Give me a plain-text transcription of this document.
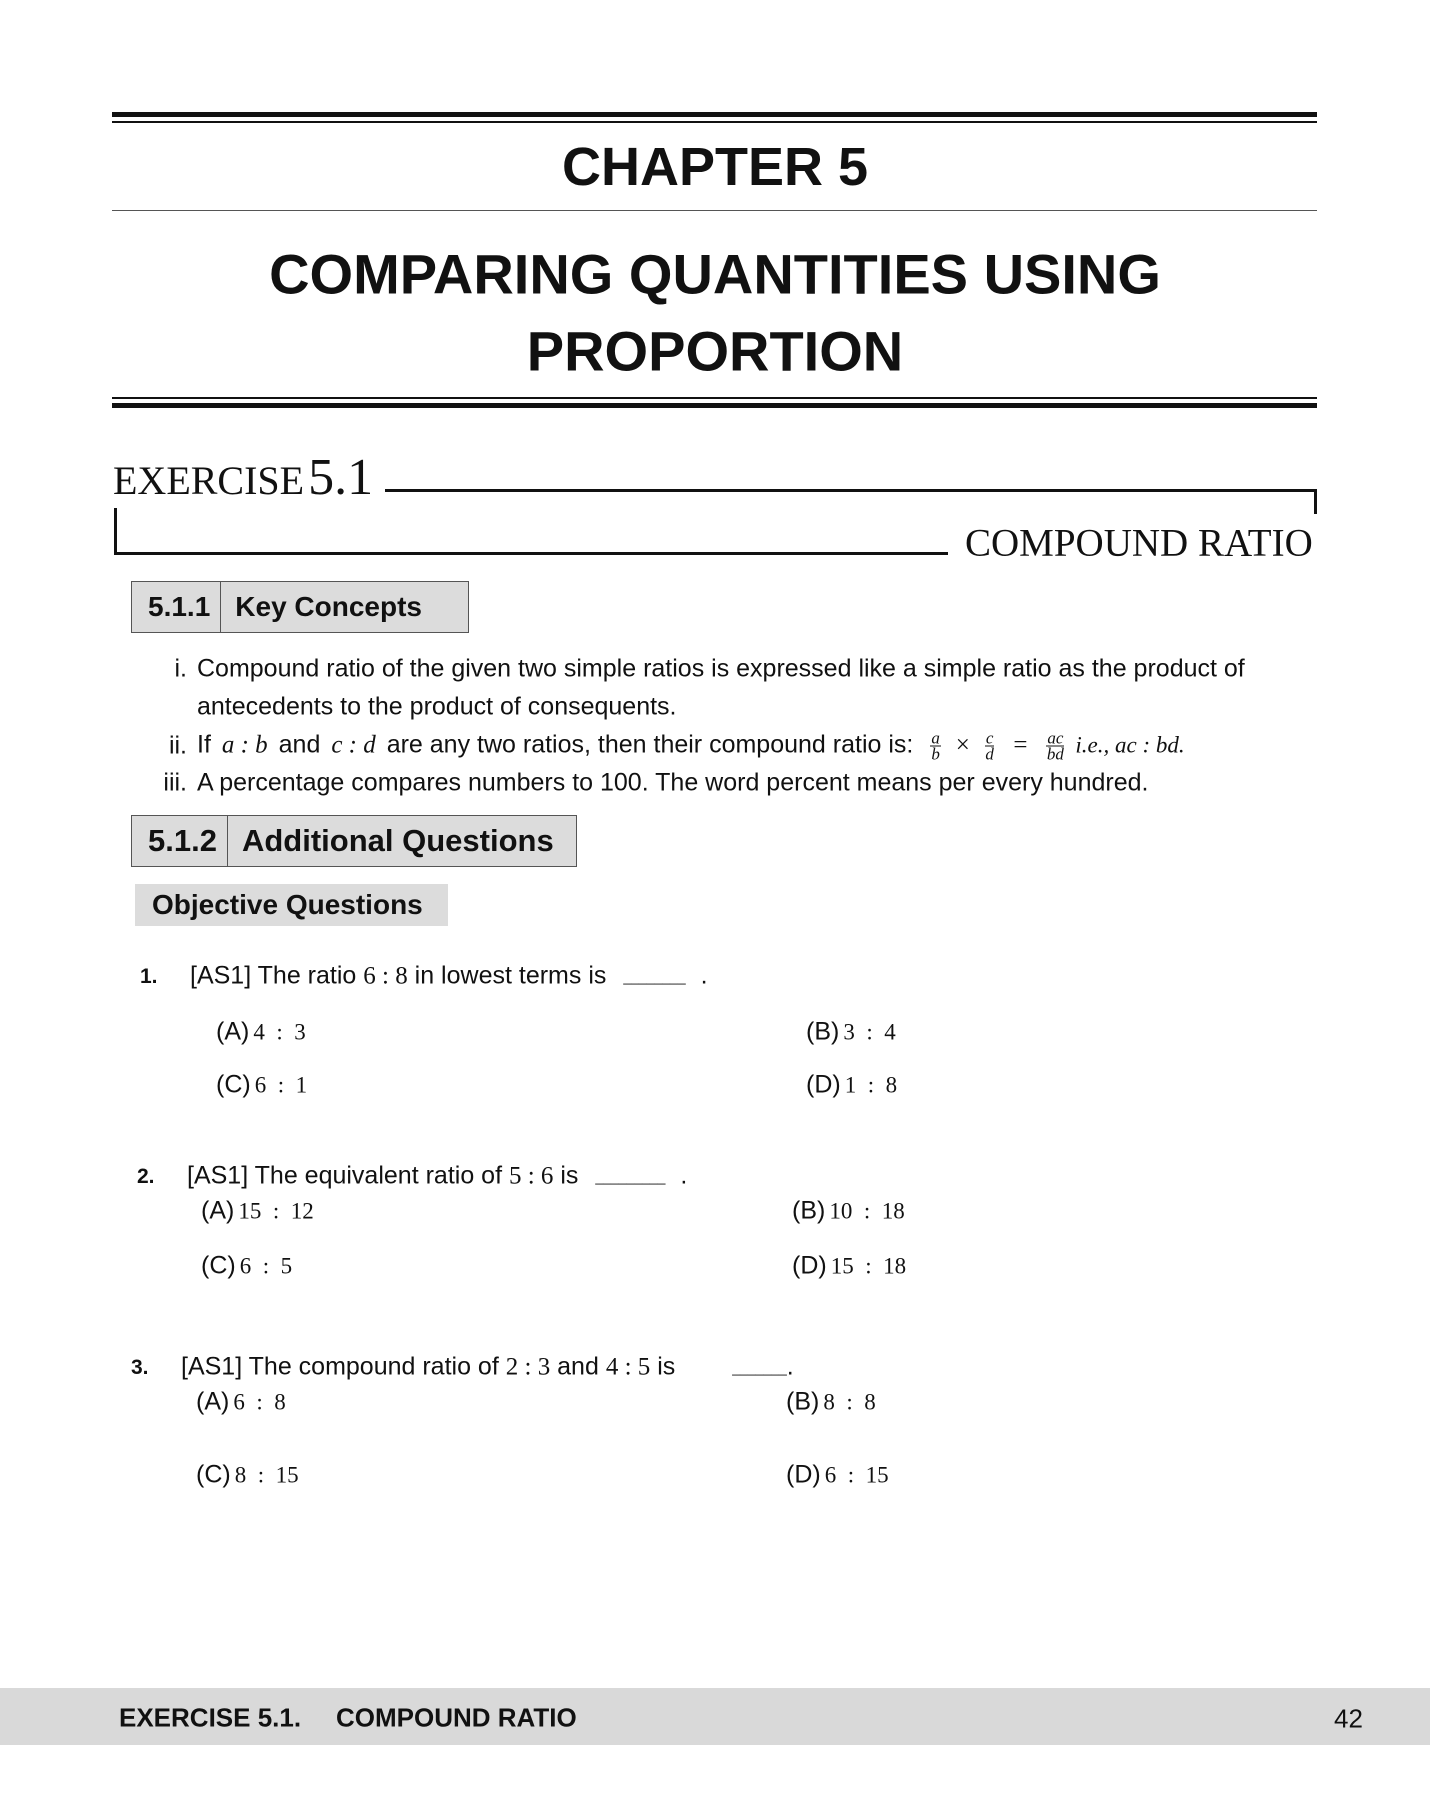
CHAPTER 5
COMPARING QUANTITIES USING
PROPORTION
EXERCISE 5.1
COMPOUND RATIO
5.1.1 Key Concepts
i. Compound ratio of the given two simple ratios is expressed like a simple ratio as the product of
antecedents to the product of consequents.
ii. If a : b and c : d are any two ratios, then their compound ratio is: $\frac{a}{b} \times \frac{c}{d} = \frac{ac}{bd} i.e$., ac : bd.
iii. A percentage compares numbers to 100. The word percent means per every hundred.
5.1.2 Additional Questions
Objective Questions
1. [AS1] The ratio 6 : 8 in lowest terms is ________ .
(A) 4  :  3	(B) 3  :  4
(C) 6  :  1	(D) 1  :  8
2. [AS1] The equivalent ratio of 5 : 6 is _________ .
(A) 15  :  12	(B) 10  :  18
(C) 6  :  5	(D) 15  :  18
3. [AS1] The compound ratio of 2 : 3 and 4 : 5 is	_______.
(A) 6  :  8	(B) 8  :  8
(C) 8  :  15	(D) 6  :  15
EXERCISE 5.1. COMPOUND RATIO	42
